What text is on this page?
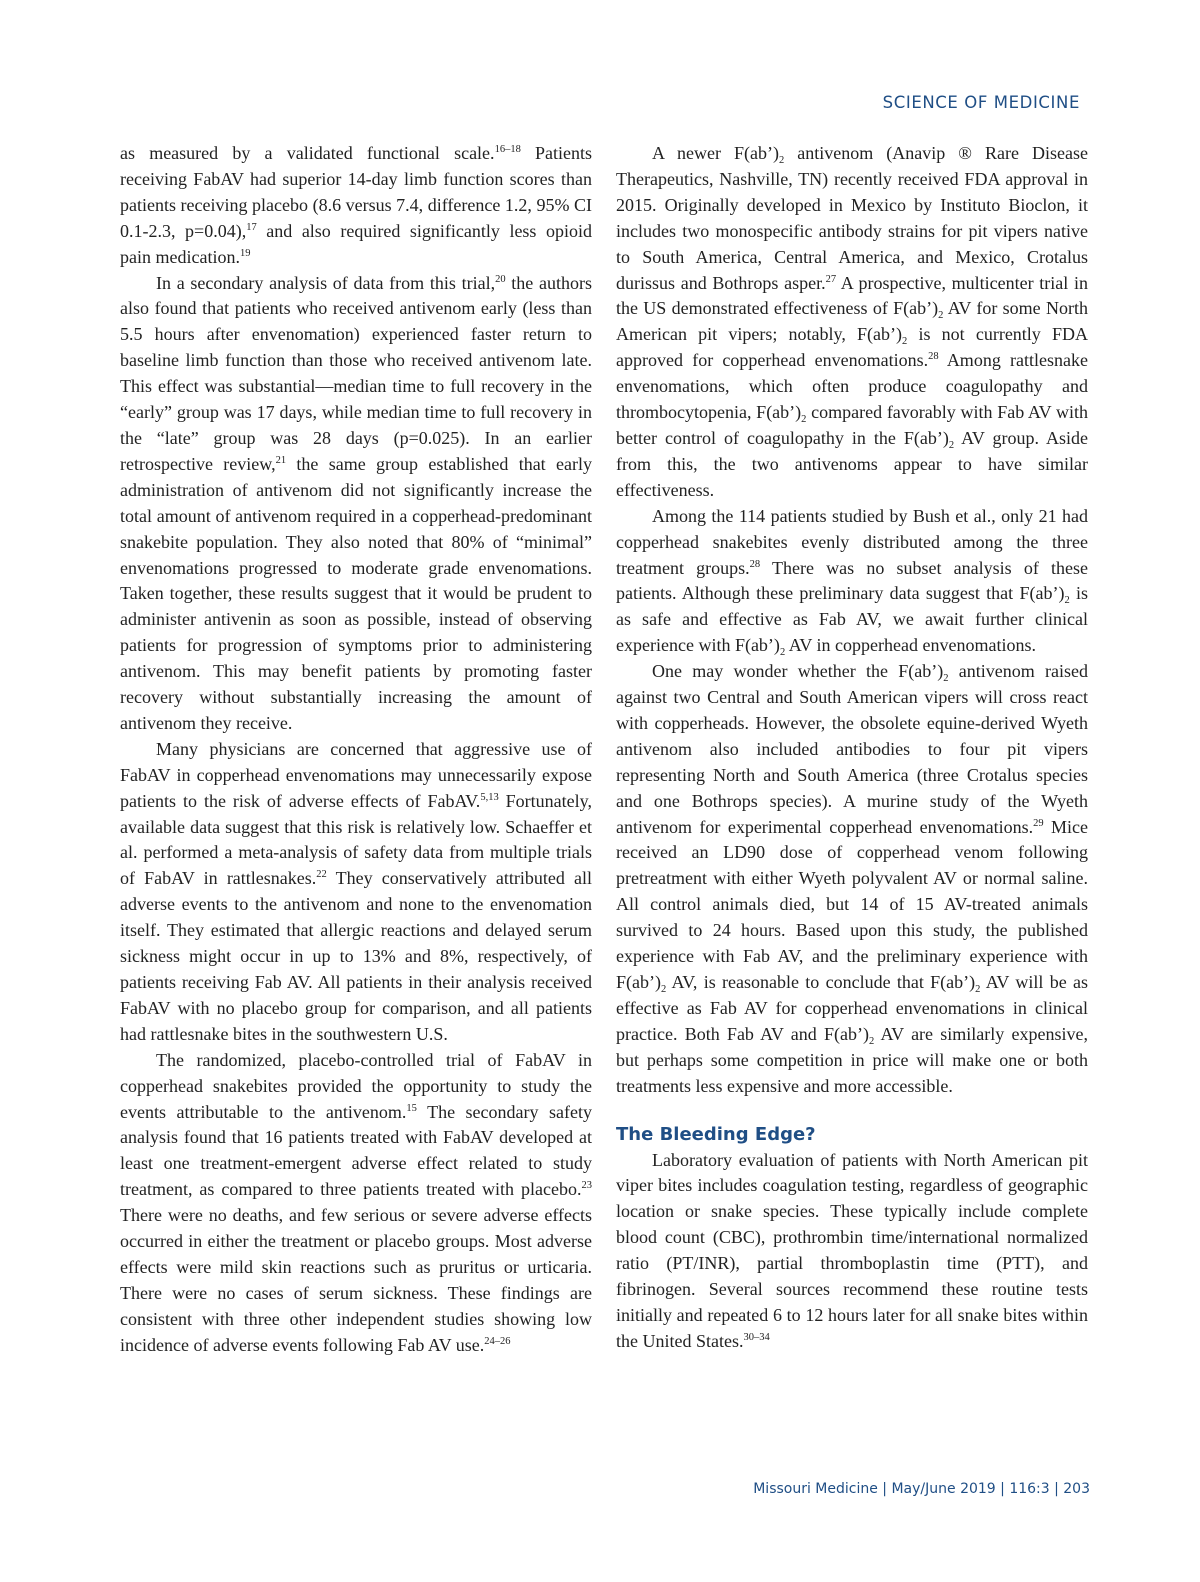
SCIENCE OF MEDICINE

as measured by a validated functional scale.$^{16-18}$ Patients receiving FabAV had superior 14-day limb function scores than patients receiving placebo (8.6 versus 7.4, difference 1.2, 95% CI 0.1-2.3, p=0.04),$^{17}$ and also required significantly less opioid pain medication.$^{19}$

In a secondary analysis of data from this trial,$^{20}$ the authors also found that patients who received antivenom early (less than 5.5 hours after envenomation) experienced faster return to baseline limb function than those who received antivenom late. This effect was substantial—median time to full recovery in the “early” group was 17 days, while median time to full recovery in the “late” group was 28 days (p=0.025). In an earlier retrospective review,$^{21}$ the same group established that early administration of antivenom did not significantly increase the total amount of antivenom required in a copperhead-predominant snakebite population. They also noted that 80% of “minimal” envenomations progressed to moderate grade envenomations. Taken together, these results suggest that it would be prudent to administer antivenin as soon as possible, instead of observing patients for progression of symptoms prior to administering antivenom. This may benefit patients by promoting faster recovery without substantially increasing the amount of antivenom they receive.

Many physicians are concerned that aggressive use of FabAV in copperhead envenomations may unnecessarily expose patients to the risk of adverse effects of FabAV.$^{5,13}$ Fortunately, available data suggest that this risk is relatively low. Schaeffer et al. performed a meta-analysis of safety data from multiple trials of FabAV in rattlesnakes.$^{22}$ They conservatively attributed all adverse events to the antivenom and none to the envenomation itself. They estimated that allergic reactions and delayed serum sickness might occur in up to 13% and 8%, respectively, of patients receiving Fab AV. All patients in their analysis received FabAV with no placebo group for comparison, and all patients had rattlesnake bites in the southwestern U.S.

The randomized, placebo-controlled trial of FabAV in copperhead snakebites provided the opportunity to study the events attributable to the antivenom.$^{15}$ The secondary safety analysis found that 16 patients treated with FabAV developed at least one treatment-emergent adverse effect related to study treatment, as compared to three patients treated with placebo.$^{23}$ There were no deaths, and few serious or severe adverse effects occurred in either the treatment or placebo groups. Most adverse effects were mild skin reactions such as pruritus or urticaria. There were no cases of serum sickness. These findings are consistent with three other independent studies showing low incidence of adverse events following Fab AV use.$^{24-26}$

A newer $F(ab’)_2$ antivenom (Anavip ® Rare Disease Therapeutics, Nashville, TN) recently received FDA approval in 2015. Originally developed in Mexico by Instituto Bioclon, it includes two monospecific antibody strains for pit vipers native to South America, Central America, and Mexico, Crotalus durissus and Bothrops asper.$^{27}$ A prospective, multicenter trial in the US demonstrated effectiveness of $F(ab’)_2$ AV for some North American pit vipers; notably, $F(ab’)_2$ is not currently FDA approved for copperhead envenomations.$^{28}$ Among rattlesnake envenomations, which often produce coagulopathy and thrombocytopenia, $F(ab’)_2$ compared favorably with Fab AV with better control of coagulopathy in the $F(ab’)_2$ AV group. Aside from this, the two antivenoms appear to have similar effectiveness.

Among the 114 patients studied by Bush et al., only 21 had copperhead snakebites evenly distributed among the three treatment groups.$^{28}$ There was no subset analysis of these patients. Although these preliminary data suggest that $F(ab’)_2$ is as safe and effective as Fab AV, we await further clinical experience with $F(ab’)_2$ AV in copperhead envenomations.

One may wonder whether the $F(ab’)_2$ antivenom raised against two Central and South American vipers will cross react with copperheads. However, the obsolete equine-derived Wyeth antivenom also included antibodies to four pit vipers representing North and South America (three Crotalus species and one Bothrops species). A murine study of the Wyeth antivenom for experimental copperhead envenomations.$^{29}$ Mice received an LD90 dose of copperhead venom following pretreatment with either Wyeth polyvalent AV or normal saline. All control animals died, but 14 of 15 AV-treated animals survived to 24 hours. Based upon this study, the published experience with Fab AV, and the preliminary experience with $F(ab’)_2$ AV, is reasonable to conclude that $F(ab’)_2$ AV will be as effective as Fab AV for copperhead envenomations in clinical practice. Both Fab AV and $F(ab’)_2$ AV are similarly expensive, but perhaps some competition in price will make one or both treatments less expensive and more accessible.

The Bleeding Edge?

Laboratory evaluation of patients with North American pit viper bites includes coagulation testing, regardless of geographic location or snake species. These typically include complete blood count (CBC), prothrombin time/international normalized ratio (PT/INR), partial thromboplastin time (PTT), and fibrinogen. Several sources recommend these routine tests initially and repeated 6 to 12 hours later for all snake bites within the United States.$^{30-34}$

Missouri Medicine | May/June 2019 | 116:3 | 203
